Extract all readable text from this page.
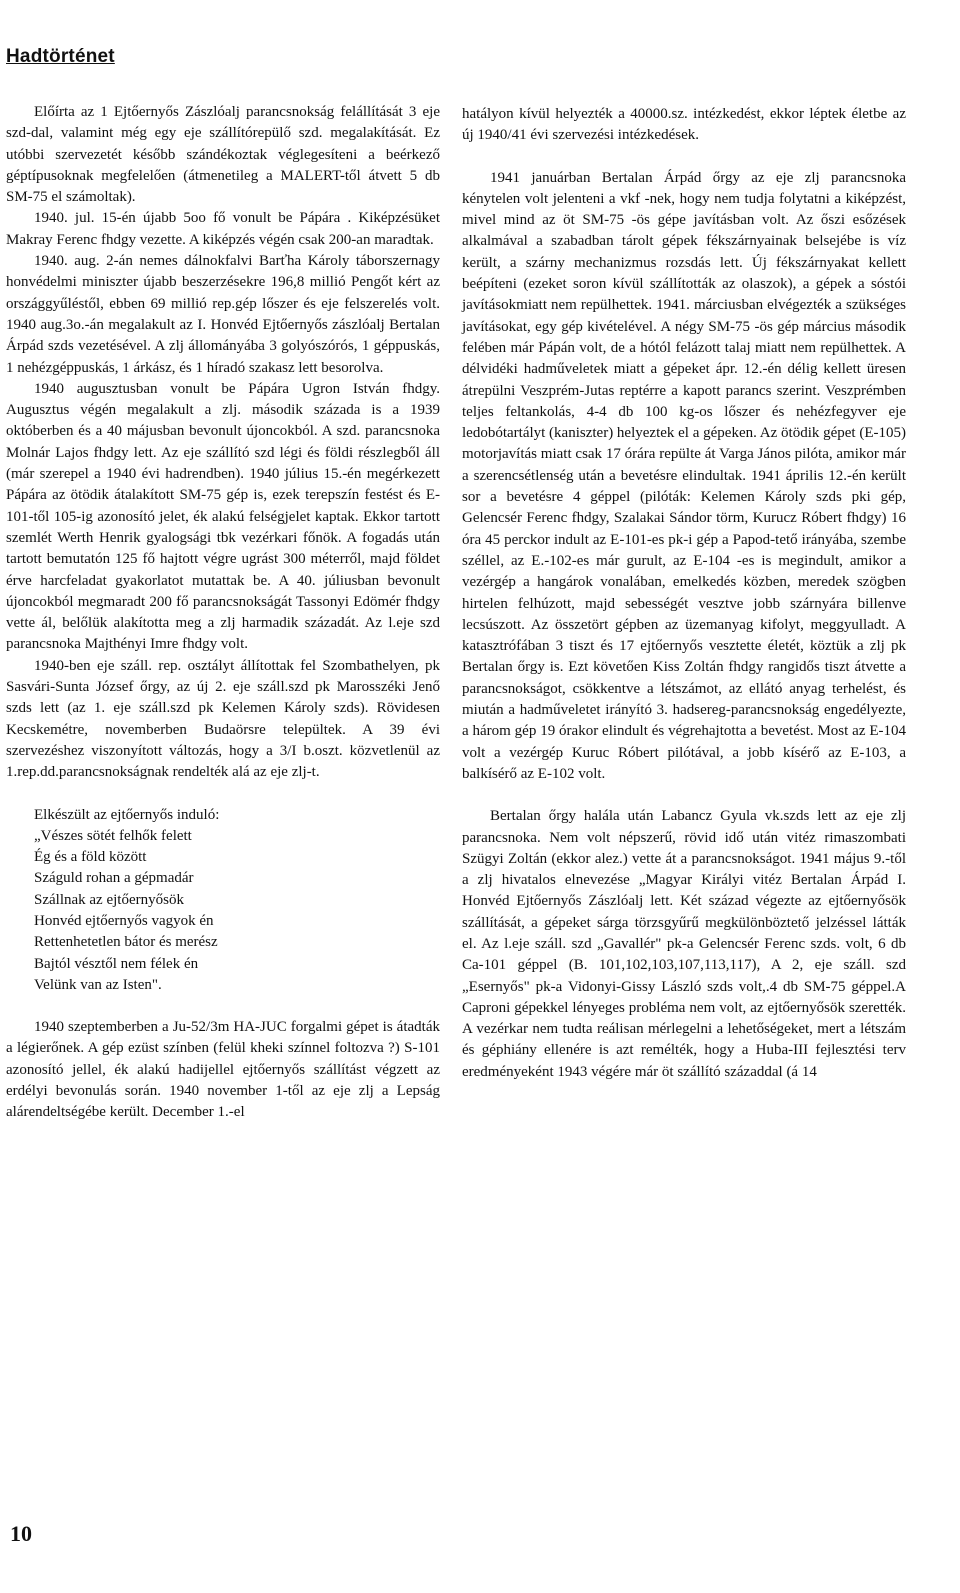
Hadtörténet

Előírta az 1 Ejtőernyős Zászlóalj parancsnokság felállítását 3 eje szd-dal, valamint még egy eje szállítórepülő szd. megalakítását. Ez utóbbi szervezetét később szándékoztak véglegesíteni a beérkező géptípusoknak megfelelően (átmenetileg a MALERT-től átvett 5 db SM-75 el számoltak).

1940. jul. 15-én újabb 5oo fő vonult be Pápára . Kiképzésüket Makray Ferenc fhdgy vezette. A kiképzés végén csak 200-an maradtak.

1940. aug. 2-án nemes dálnokfalvi Barťha Károly táborszernagy honvédelmi miniszter újabb beszerzésekre 196,8 millió Pengőt kért az országgyűléstől, ebben 69 millió rep.gép lőszer és eje felszerelés volt. 1940 aug.3o.-án megalakult az I. Honvéd Ejtőernyős zászlóalj Bertalan Árpád szds vezetésével. A zlj állományába 3 golyószórós, 1 géppuskás, 1 nehézgéppuskás, 1 árkász, és 1 híradó szakasz lett besorolva.

1940 augusztusban vonult be Pápára Ugron István fhdgy. Augusztus végén megalakult a zlj. második százada is a 1939 októberben és a 40 májusban bevonult újoncokból. A szd. parancsnoka Molnár Lajos fhdgy lett. Az eje szállító szd légi és földi részlegből áll (már szerepel a 1940 évi hadrendben). 1940 július 15.-én megérkezett Pápára az ötödik átalakított SM-75 gép is, ezek terepszín festést és E-101-től 105-ig azonosító jelet, ék alakú felségjelet kaptak. Ekkor tartott szemlét Werth Henrik gyalogsági tbk vezérkari főnök. A fogadás után tartott bemutatón 125 fő hajtott végre ugrást 300 méterről, majd földet érve harcfeladat gyakorlatot mutattak be. A 40. júliusban bevonult újoncokból megmaradt 200 fő parancsnokságát Tassonyi Edömér fhdgy vette ál, belőlük alakította meg a zlj harmadik századát. Az l.eje szd parancsnoka Majthényi Imre fhdgy volt.

1940-ben eje száll. rep. osztályt állítottak fel Szombathelyen, pk Sasvári-Sunta József őrgy, az új 2. eje száll.szd pk Marosszéki Jenő szds lett (az 1. eje száll.szd pk Kelemen Károly szds). Rövidesen Kecskemétre, novemberben Budaörsre települtek. A 39 évi szervezéshez viszonyított változás, hogy a 3/I b.oszt. közvetlenül az 1.rep.dd.parancsnokságnak rendelték alá az eje zlj-t.

Elkészült az ejtőernyős induló:
„Vészes sötét felhők felett
Ég és a föld között
Száguld rohan a gépmadár
Szállnak az ejtőernyősök
Honvéd ejtőernyős vagyok én
Rettenhetetlen bátor és merész
Bajtól vésztől nem félek én
Velünk van az Isten".

1940 szeptemberben a Ju-52/3m HA-JUC forgalmi gépet is átadták a légierőnek. A gép ezüst színben (felül kheki színnel foltozva ?) S-101 azonosító jellel, ék alakú hadijellel ejtőernyős szállítást végzett az erdélyi bevonulás során. 1940 november 1-től az eje zlj a Lepság alárendeltségébe került. December 1.-el

hatályon kívül helyezték a 40000.sz. intézkedést, ekkor léptek életbe az új 1940/41 évi szervezési intézkedések.

1941 januárban Bertalan Árpád őrgy az eje zlj parancsnoka kénytelen volt jelenteni a vkf -nek, hogy nem tudja folytatni a kiképzést, mivel mind az öt SM-75 -ös gépe javításban volt. Az őszi esőzések alkalmával a szabadban tárolt gépek fékszárnyainak belsejébe is víz került, a szárny mechanizmus rozsdás lett. Új fékszárnyakat kellett beépíteni (ezeket soron kívül szállították az olaszok), a gépek a sóstói javításokmiatt nem repülhettek. 1941. márciusban elvégezték a szükséges javításokat, egy gép kivételével. A négy SM-75 -ös gép március második felében már Pápán volt, de a hótól felázott talaj miatt nem repülhettek. A délvidéki hadműveletek miatt a gépeket ápr. 12.-én délig kellett üresen átrepülni Veszprém-Jutas reptérre a kapott parancs szerint. Veszprémben teljes feltankolás, 4-4 db 100 kg-os lőszer és nehézfegyver eje ledobótartályt (kaniszter) helyeztek el a gépeken. Az ötödik gépet (E-105) motorjavítás miatt csak 17 órára repülte át Varga János pilóta, amikor már a szerencsétlenség után a bevetésre elindultak. 1941 április 12.-én került sor a bevetésre 4 géppel (pilóták: Kelemen Károly szds pki gép, Gelencsér Ferenc fhdgy, Szalakai Sándor törm, Kurucz Róbert fhdgy) 16 óra 45 perckor indult az E-101-es pk-i gép a Papod-tető irányába, szembe széllel, az E.-102-es már gurult, az E-104 -es is megindult, amikor a vezérgép a hangárok vonalában, emelkedés közben, meredek szögben hirtelen felhúzott, majd sebességét vesztve jobb szárnyára billenve lecsúszott. Az összetört gépben az üzemanyag kifolyt, meggyulladt. A katasztrófában 3 tiszt és 17 ejtőernyős vesztette életét, köztük a zlj pk Bertalan őrgy is. Ezt követően Kiss Zoltán fhdgy rangidős tiszt átvette a parancsnokságot, csökkentve a létszámot, az ellátó anyag terhelést, és miután a hadműveletet irányító 3. hadsereg-parancsnokság engedélyezte, a három gép 19 órakor elindult és végrehajtotta a bevetést. Most az E-104 volt a vezérgép Kuruc Róbert pilótával, a jobb kísérő az E-103, a balkísérő az E-102 volt.

Bertalan őrgy halála után Labancz Gyula vk.szds lett az eje zlj parancsnoka. Nem volt népszerű, rövid idő után vitéz rimaszombati Szügyi Zoltán (ekkor alez.) vette át a parancsnokságot. 1941 május 9.-től a zlj hivatalos elnevezése „Magyar Királyi vitéz Bertalan Árpád I. Honvéd Ejtőernyős Zászlóalj lett. Két század végezte az ejtőernyősök szállítását, a gépeket sárga törzsgyűrű megkülönböztető jelzéssel látták el. Az l.eje száll. szd „Gavallér" pk-a Gelencsér Ferenc szds. volt, 6 db Ca-101 géppel (B. 101,102,103,107,113,117), A 2, eje száll. szd „Esernyős" pk-a Vidonyi-Gissy László szds volt,.4 db SM-75 géppel.A Caproni gépekkel lényeges probléma nem volt, az ejtőernyősök szerették. A vezérkar nem tudta reálisan mérlegelni a lehetőségeket, mert a létszám és géphiány ellenére is azt remélték, hogy a Huba-III fejlesztési terv eredményeként 1943 végére már öt szállító századdal (á 14

10
